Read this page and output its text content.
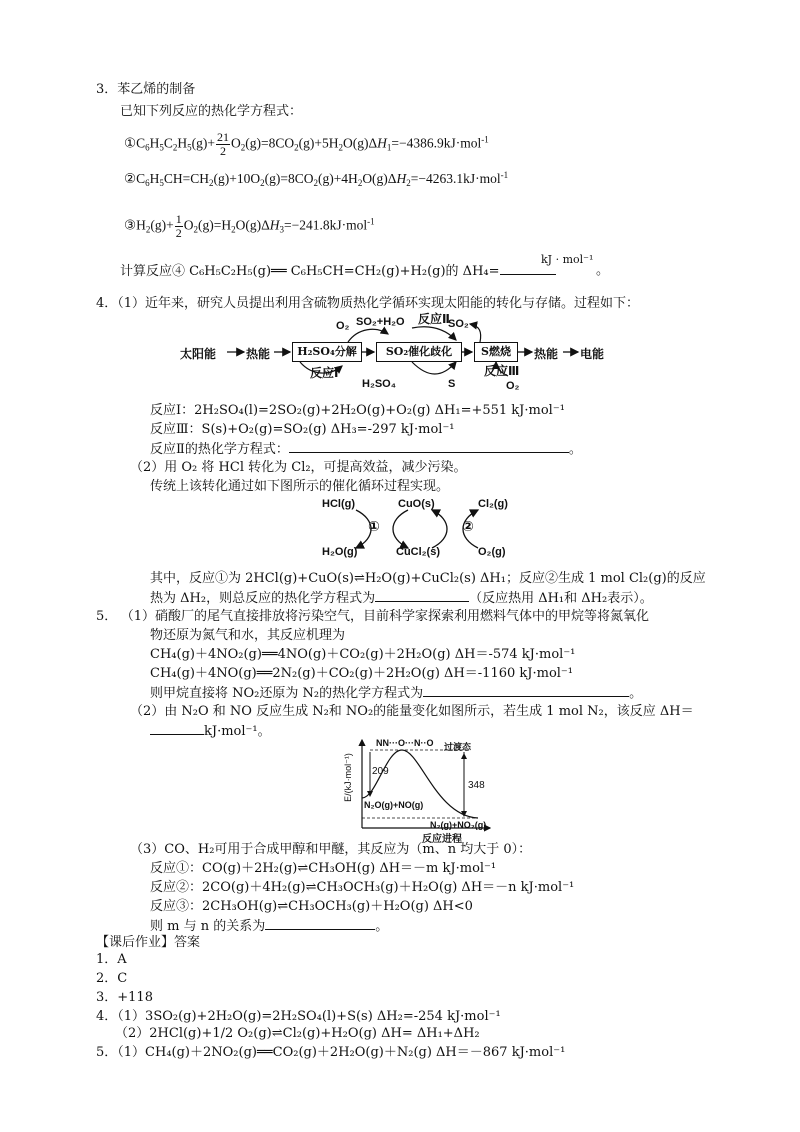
3．苯乙烯的制备
已知下列反应的热化学方程式：
$①C_6H_5C_2H_5(g)+ \frac{21}{2} O_2(g)=8CO_2(g)+5H_2O(g)\Delta H_1=-4386.9kJ\cdot mol^{-1}$
$②C_6H_5CH=CH_2(g)+10O_2(g)=8CO_2(g)+4H_2O(g)\Delta H_2=-4263.1kJ\cdot mol^{-1}$
$③H_2(g)+ \frac{1}{2} O_2(g)=H_2O(g)\Delta H_3=-241.8kJ\cdot mol^{-1}$
计算反应④ C₆H₅C₂H₅(g)══ C₆H₅CH=CH₂(g)+H₂(g)的 ΔH₄=
kJ · mol⁻¹
。
4．（1）近年来，研究人员提出利用含硫物质热化学循环实现太阳能的转化与存储。过程如下：
太阳能 热能	H₂SO₄分解	SO₂催化歧化	S燃烧	热能 电能
O₂ SO₂+H₂O 反应Ⅱ
SO₂
反应Ⅰ
H₂SO₄	S
反应Ⅲ
O₂
反应Ⅰ：2H₂SO₄(l)=2SO₂(g)+2H₂O(g)+O₂(g) ΔH₁=+551 kJ·mol⁻¹
反应Ⅲ：S(s)+O₂(g)=SO₂(g) ΔH₃=-297 kJ·mol⁻¹
反应Ⅱ的热化学方程式：	。
（2）用 O₂ 将 HCl 转化为 Cl₂，可提高效益，减少污染。
传统上该转化通过如下图所示的催化循环过程实现。
HCl(g)	CuO(s)	Cl₂(g)
H₂O(g)	CuCl₂(s)	O₂(g)
①	②
其中，反应①为 2HCl(g)+CuO(s)⇌H₂O(g)+CuCl₂(s) ΔH₁；反应②生成 1 mol Cl₂(g)的反应
热为 ΔH₂，则总反应的热化学方程式为	（反应热用 ΔH₁和 ΔH₂表示）。
5． （1）硝酸厂的尾气直接排放将污染空气，目前科学家探索利用燃料气体中的甲烷等将氮氧化
物还原为氮气和水，其反应机理为
CH₄(g)＋4NO₂(g)══4NO(g)＋CO₂(g)＋2H₂O(g) ΔH＝-574 kJ·mol⁻¹
CH₄(g)＋4NO(g)══2N₂(g)＋CO₂(g)＋2H₂O(g) ΔH＝-1160 kJ·mol⁻¹
则甲烷直接将 NO₂还原为 N₂的热化学方程式为	。
（2）由 N₂O 和 NO 反应生成 N₂和 NO₂的能量变化如图所示，若生成 1 mol N₂，该反应 ΔH＝
kJ·mol⁻¹。
E/(kJ·mol⁻¹)
NN···O···N··O 过渡态
209
348
N₂O(g)+NO(g)
N₂(g)+NO₂(g)
反应进程
（3）CO、H₂可用于合成甲醇和甲醚，其反应为（m、n 均大于 0）：
反应①：CO(g)＋2H₂(g)⇌CH₃OH(g) ΔH＝－m kJ·mol⁻¹
反应②：2CO(g)＋4H₂(g)⇌CH₃OCH₃(g)＋H₂O(g) ΔH＝－n kJ·mol⁻¹
反应③：2CH₃OH(g)⇌CH₃OCH₃(g)＋H₂O(g) ΔH<0
则 m 与 n 的关系为	。
【课后作业】答案
1．A
2．C
3．+118
4．（1）3SO₂(g)+2H₂O(g)=2H₂SO₄(l)+S(s) ΔH₂=-254 kJ·mol⁻¹
（2）2HCl(g)+1/2 O₂(g)⇌Cl₂(g)+H₂O(g) ΔH= ΔH₁+ΔH₂
5．（1）CH₄(g)＋2NO₂(g)══CO₂(g)＋2H₂O(g)＋N₂(g) ΔH＝－867 kJ·mol⁻¹
